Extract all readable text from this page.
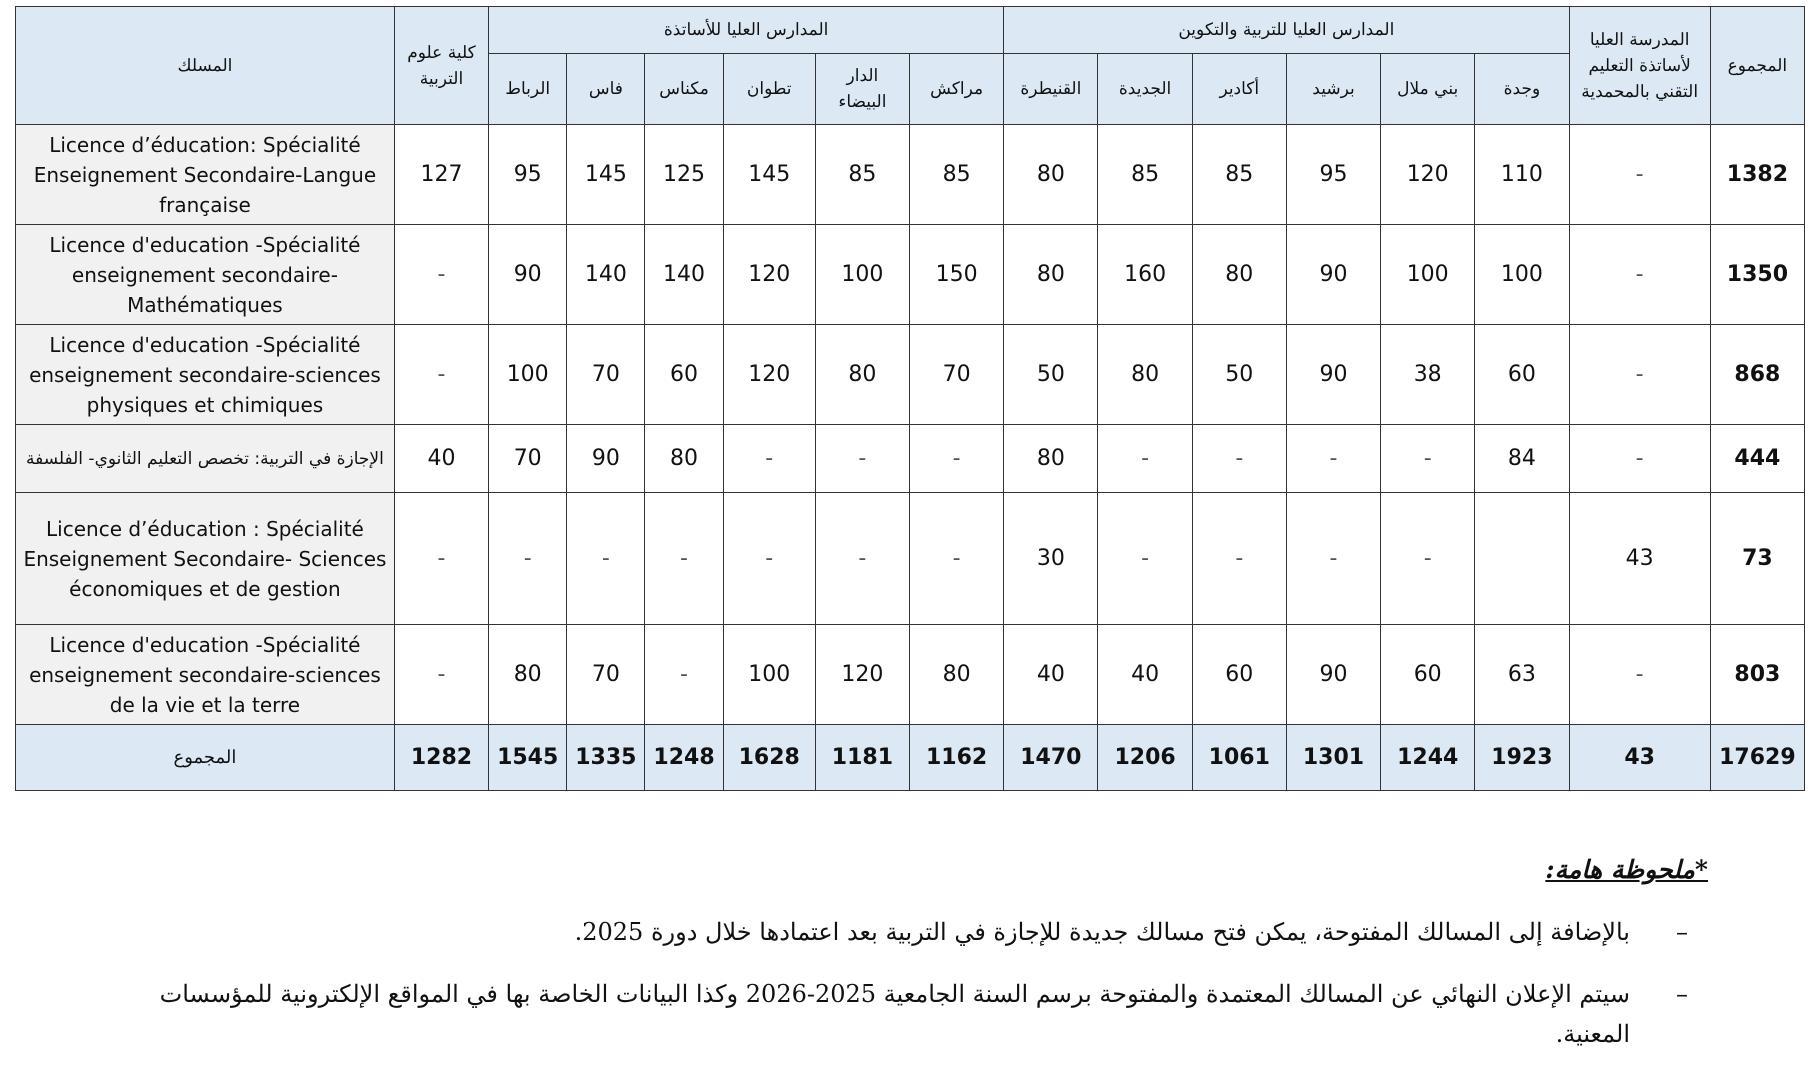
المجموع	المدرسة العليا لأساتذة التعليم التقني بالمحمدية	المدارس العليا للتربية والتكوين						المدارس العليا للأساتذة						كلية علوم التربية	المسلك
		وجدة	بني ملال	برشيد	أكادير	الجديدة	القنيطرة	مراكش	الدار البيضاء	تطوان	مكناس	فاس	الرباط		
1382	-	110	120	95	85	85	80	85	85	145	125	145	95	127	Licence d’éducation: Spécialité Enseignement Secondaire-Langue française
1350	-	100	100	90	80	160	80	150	100	120	140	140	90	-	Licence d'education -Spécialité enseignement secondaire-Mathématiques
868	-	60	38	90	50	80	50	70	80	120	60	70	100	-	Licence d'education -Spécialité enseignement secondaire-sciences physiques et chimiques
444	-	84	-	-	-	-	80	-	-	-	80	90	70	40	الإجازة في التربية: تخصص التعليم الثانوي- الفلسفة
73	43		-	-	-	-	30	-	-	-	-	-	-	-	Licence d’éducation : Spécialité Enseignement Secondaire- Sciences économiques et de gestion
803	-	63	60	90	60	40	40	80	120	100	-	70	80	-	Licence d'education -Spécialité enseignement secondaire-sciences de la vie et la terre
17629	43	1923	1244	1301	1061	1206	1470	1162	1181	1628	1248	1335	1545	1282	المجموع
*ملحوظة هامة:
–
بالإضافة إلى المسالك المفتوحة، يمكن فتح مسالك جديدة للإجازة في التربية بعد اعتمادها خلال دورة 2025.
–
سيتم الإعلان النهائي عن المسالك المعتمدة والمفتوحة برسم السنة الجامعية 2025-2026 وكذا البيانات الخاصة بها في المواقع الإلكترونية للمؤسسات المعنية.
